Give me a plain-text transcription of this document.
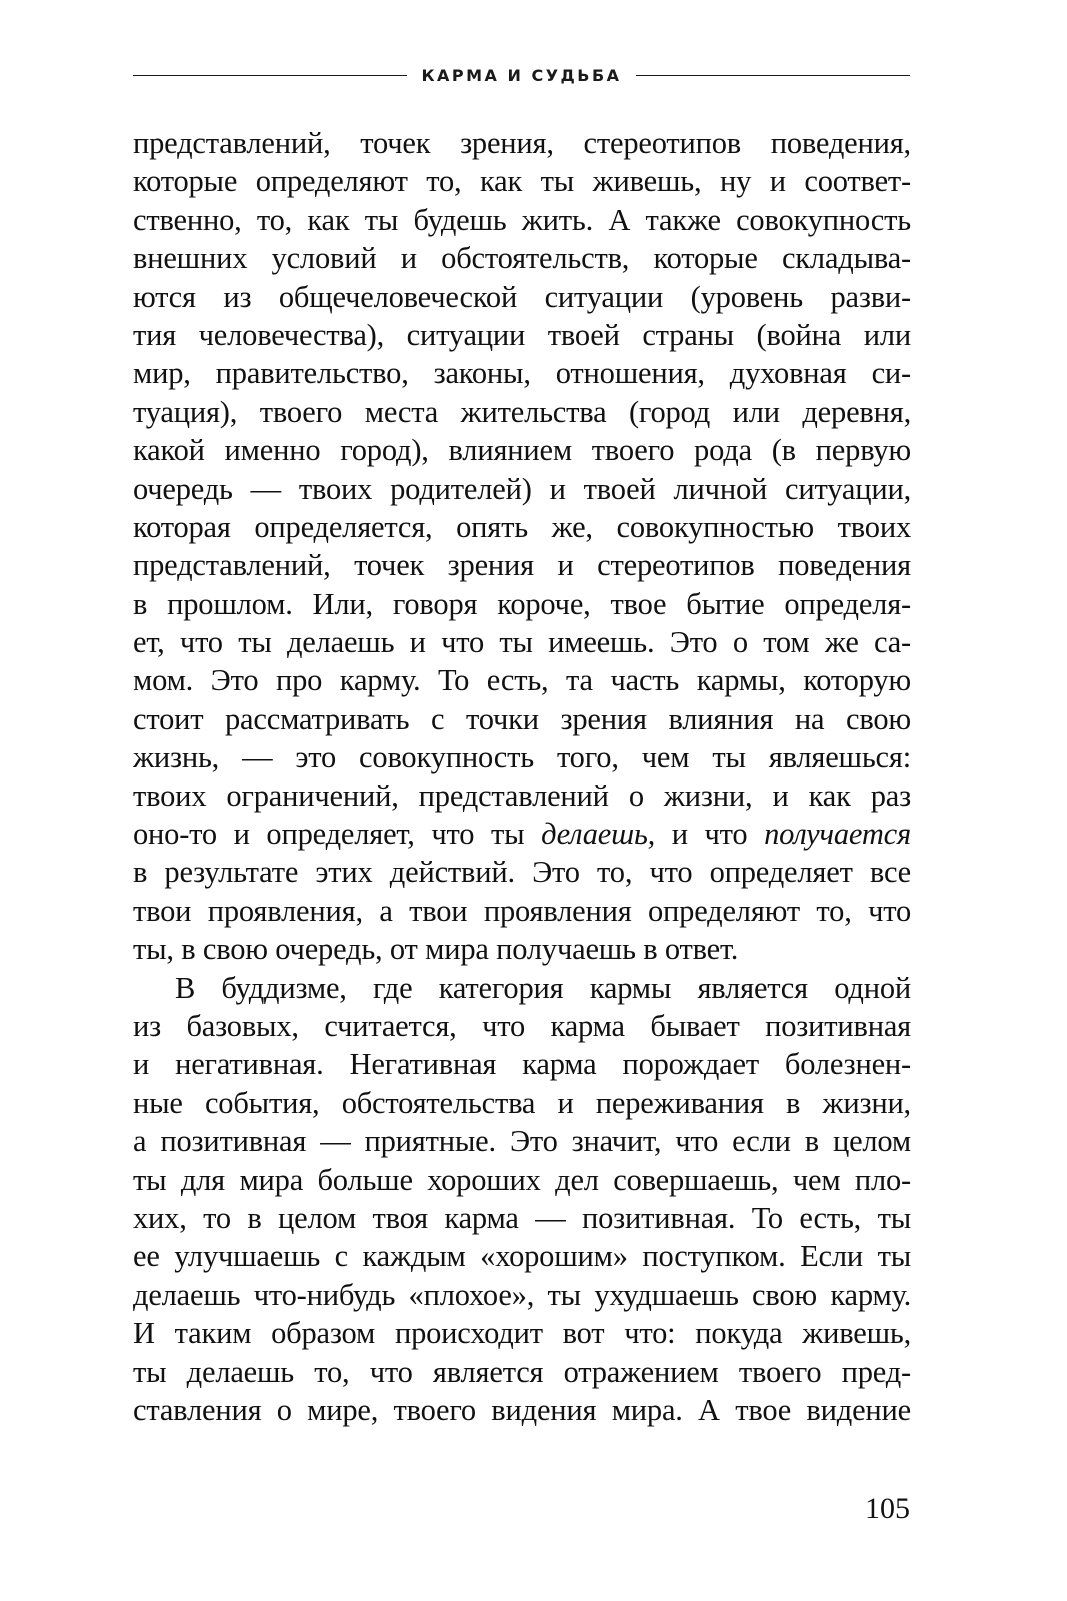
КАРМА И СУДЬБА
представлений, точек зрения, стереотипов поведения,
которые определяют то, как ты живешь, ну и соответ-
ственно, то, как ты будешь жить. А также совокупность
внешних условий и обстоятельств, которые складыва-
ются из общечеловеческой ситуации (уровень разви-
тия человечества), ситуации твоей страны (война или
мир, правительство, законы, отношения, духовная си-
туация), твоего места жительства (город или деревня,
какой именно город), влиянием твоего рода (в первую
очередь — твоих родителей) и твоей личной ситуации,
которая определяется, опять же, совокупностью твоих
представлений, точек зрения и стереотипов поведения
в прошлом. Или, говоря короче, твое бытие определя-
ет, что ты делаешь и что ты имеешь. Это о том же са-
мом. Это про карму. То есть, та часть кармы, которую
стоит рассматривать с точки зрения влияния на свою
жизнь, — это совокупность того, чем ты являешься:
твоих ограничений, представлений о жизни, и как раз
оно-то и определяет, что ты делаешь, и что получается
в результате этих действий. Это то, что определяет все
твои проявления, а твои проявления определяют то, что
ты, в свою очередь, от мира получаешь в ответ.
В буддизме, где категория кармы является одной
из базовых, считается, что карма бывает позитивная
и негативная. Негативная карма порождает болезнен-
ные события, обстоятельства и переживания в жизни,
а позитивная — приятные. Это значит, что если в целом
ты для мира больше хороших дел совершаешь, чем пло-
хих, то в целом твоя карма — позитивная. То есть, ты
ее улучшаешь с каждым «хорошим» поступком. Если ты
делаешь что-нибудь «плохое», ты ухудшаешь свою карму.
И таким образом происходит вот что: покуда живешь,
ты делаешь то, что является отражением твоего пред-
ставления о мире, твоего видения мира. А твое видение
105
